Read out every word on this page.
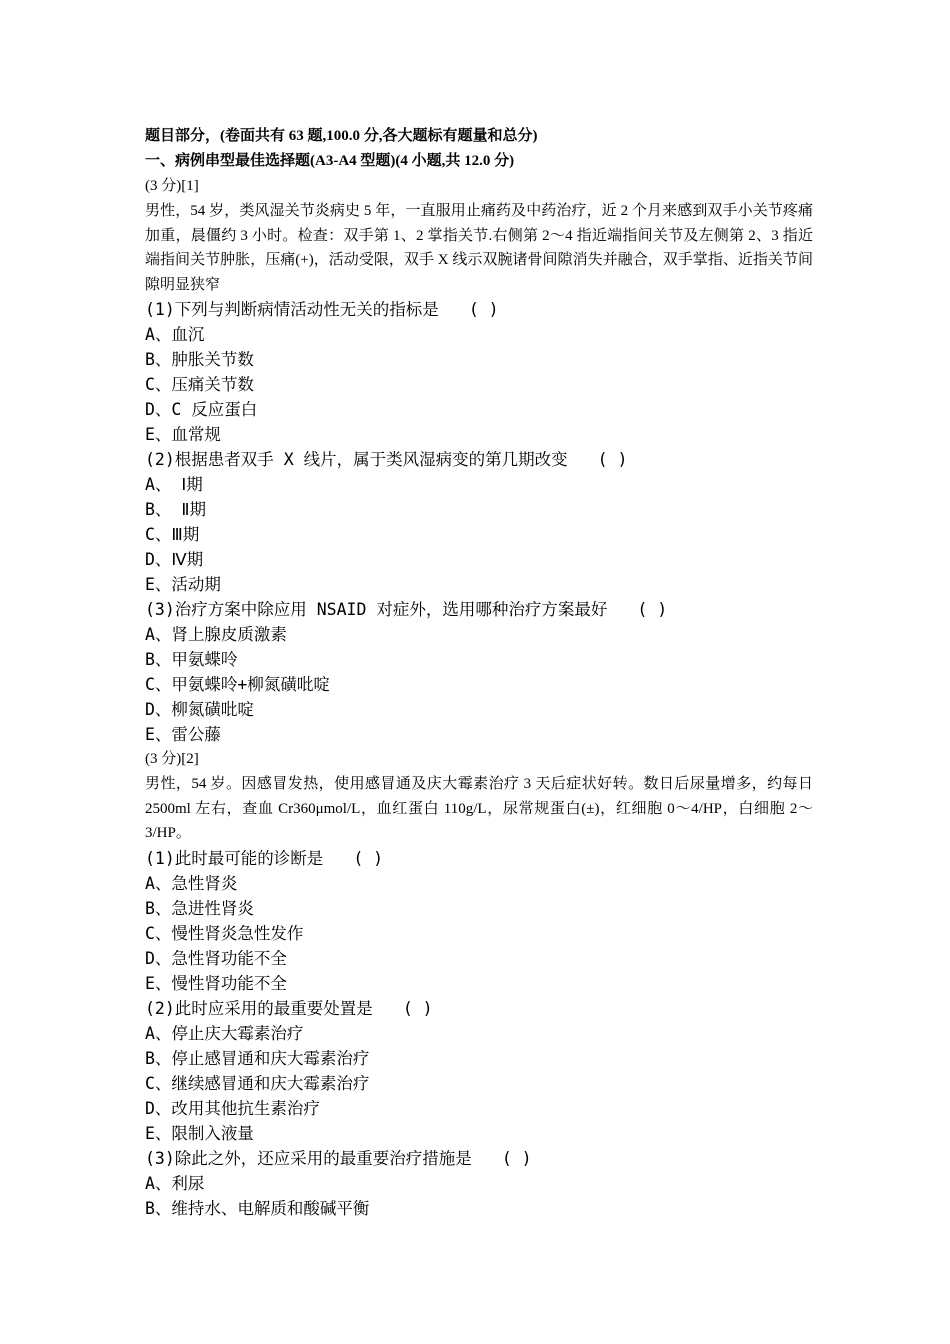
题目部分，(卷面共有 63 题,100.0 分,各大题标有题量和总分)
一、病例串型最佳选择题(A3-A4 型题)(4 小题,共 12.0 分)
(3 分)[1]
男性，54 岁，类风湿关节炎病史 5 年，一直服用止痛药及中药治疗，近 2 个月来感到双手小关节疼痛加重，晨僵约 3 小时。检查：双手第 1、2 掌指关节.右侧第 2～4 指近端指间关节及左侧第 2、3 指近端指间关节肿胀，压痛(+)，活动受限，双手 X 线示双腕诸骨间隙消失并融合，双手掌指、近指关节间隙明显狭窄
(1)下列与判断病情活动性无关的指标是 ( )
A、血沉
B、肿胀关节数
C、压痛关节数
D、C 反应蛋白
E、血常规
(2)根据患者双手 X 线片，属于类风湿病变的第几期改变 ( )
A、 Ⅰ期
B、 Ⅱ期
C、Ⅲ期
D、Ⅳ期
E、活动期
(3)治疗方案中除应用 NSAID 对症外，选用哪种治疗方案最好 ( )
A、肾上腺皮质激素
B、甲氨蝶呤
C、甲氨蝶呤+柳氮磺吡啶
D、柳氮磺吡啶
E、雷公藤
(3 分)[2]
男性，54 岁。因感冒发热，使用感冒通及庆大霉素治疗 3 天后症状好转。数日后尿量增多，约每日 2500ml 左右，查血 Cr360μmol/L，血红蛋白 110g/L，尿常规蛋白(±)，红细胞 0～4/HP，白细胞 2～3/HP。
(1)此时最可能的诊断是 ( )
A、急性肾炎
B、急进性肾炎
C、慢性肾炎急性发作
D、急性肾功能不全
E、慢性肾功能不全
(2)此时应采用的最重要处置是 ( )
A、停止庆大霉素治疗
B、停止感冒通和庆大霉素治疗
C、继续感冒通和庆大霉素治疗
D、改用其他抗生素治疗
E、限制入液量
(3)除此之外，还应采用的最重要治疗措施是 ( )
A、利尿
B、维持水、电解质和酸碱平衡
